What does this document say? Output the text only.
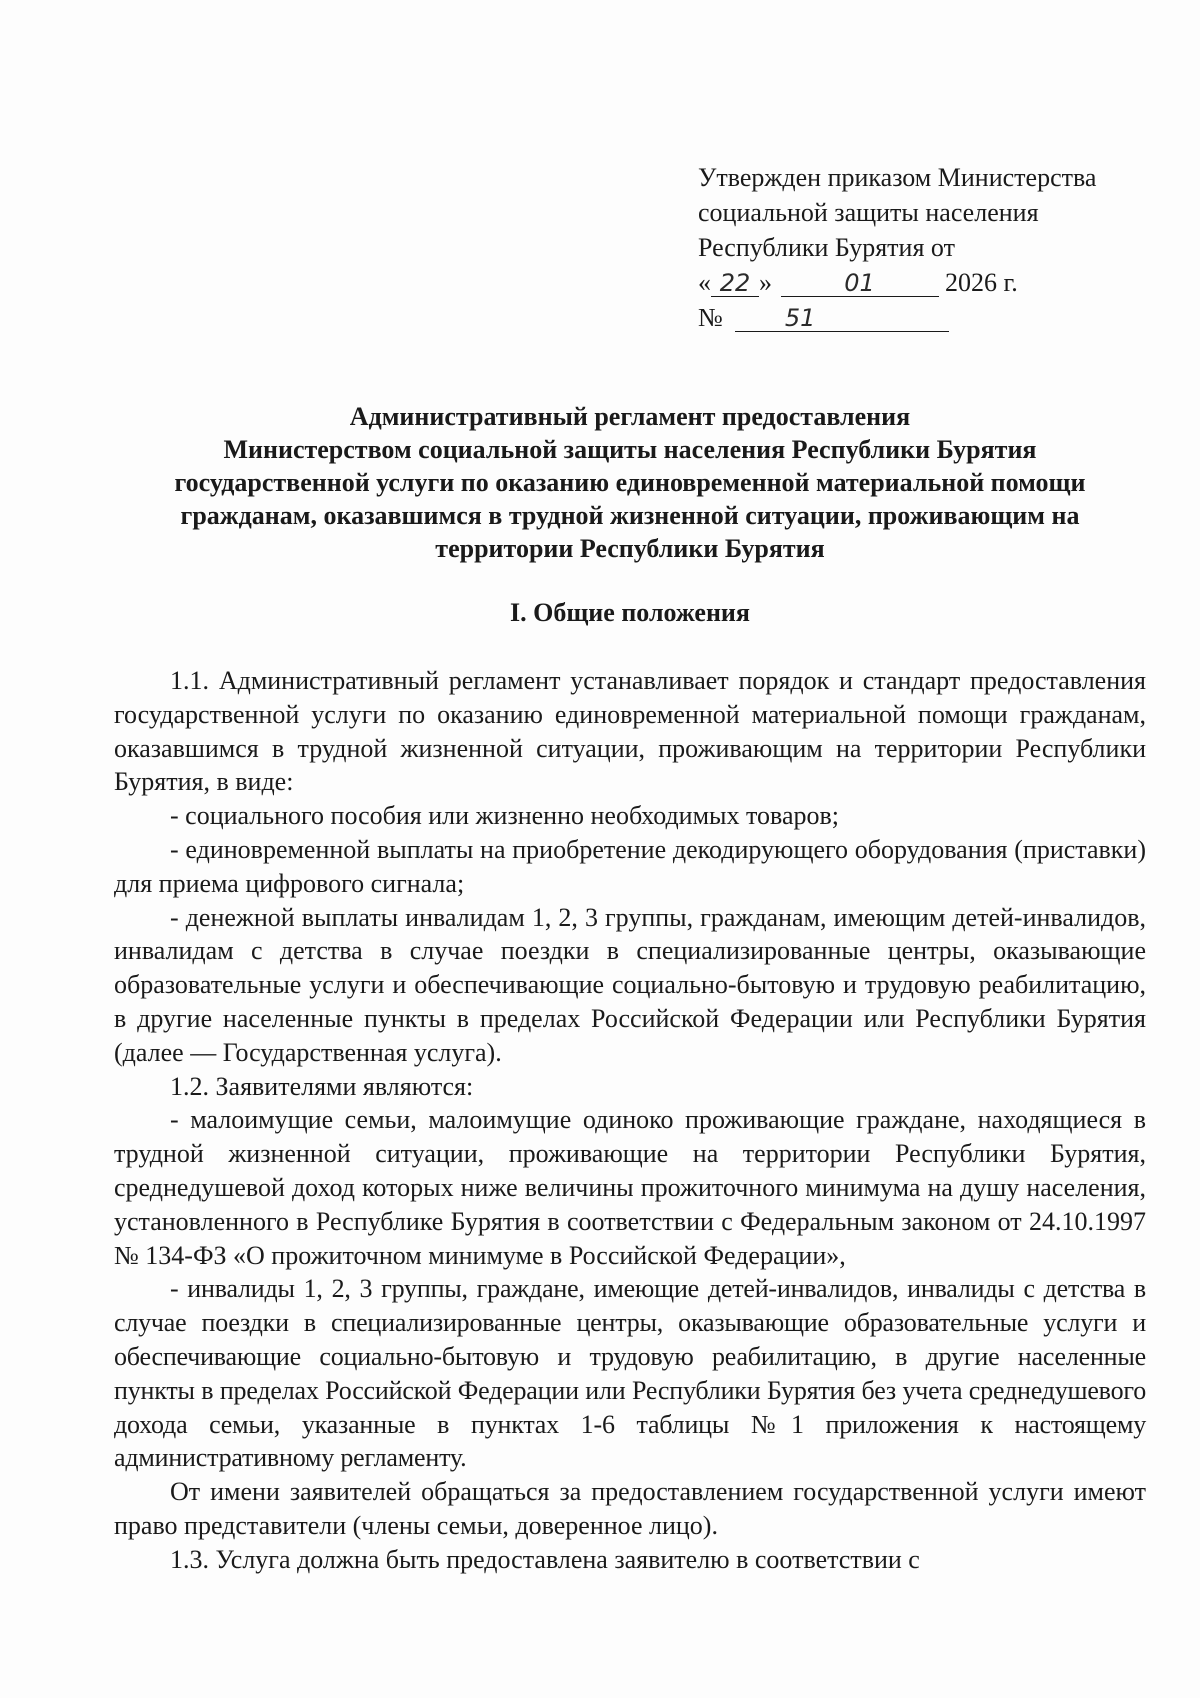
Утвержден приказом Министерства
социальной защиты населения
Республики Бурятия от
« 22 »	01	2026 г.
№	51
Административный регламент предоставления
Министерством социальной защиты населения Республики Бурятия
государственной услуги по оказанию единовременной материальной помощи
гражданам, оказавшимся в трудной жизненной ситуации, проживающим на
территории Республики Бурятия
I. Общие положения

1.1. Административный регламент устанавливает порядок и стандарт предоставления государственной услуги по оказанию единовременной материальной помощи гражданам, оказавшимся в трудной жизненной ситуации, проживающим на территории Республики Бурятия, в виде:

- социального пособия или жизненно необходимых товаров;

- единовременной выплаты на приобретение декодирующего оборудования (приставки) для приема цифрового сигнала;

- денежной выплаты инвалидам 1, 2, 3 группы, гражданам, имеющим детей-инвалидов, инвалидам с детства в случае поездки в специализированные центры, оказывающие образовательные услуги и обеспечивающие социально-бытовую и трудовую реабилитацию, в другие населенные пункты в пределах Российской Федерации или Республики Бурятия (далее — Государственная услуга).

1.2. Заявителями являются:

- малоимущие семьи, малоимущие одиноко проживающие граждане, находящиеся в трудной жизненной ситуации, проживающие на территории Республики Бурятия, среднедушевой доход которых ниже величины прожиточного минимума на душу населения, установленного в Республике Бурятия в соответствии с Федеральным законом от 24.10.1997 № 134-ФЗ «О прожиточном минимуме в Российской Федерации»,

- инвалиды 1, 2, 3 группы, граждане, имеющие детей-инвалидов, инвалиды с детства в случае поездки в специализированные центры, оказывающие образовательные услуги и обеспечивающие социально-бытовую и трудовую реабилитацию, в другие населенные пункты в пределах Российской Федерации или Республики Бурятия без учета среднедушевого дохода семьи, указанные в пунктах 1-6 таблицы №1 приложения к настоящему административному регламенту.

От имени заявителей обращаться за предоставлением государственной услуги имеют право представители (члены семьи, доверенное лицо).

1.3. Услуга должна быть предоставлена заявителю в соответствии с
